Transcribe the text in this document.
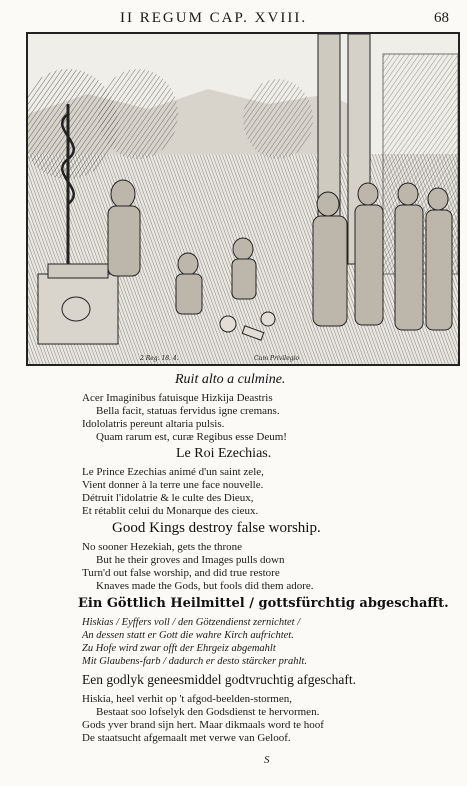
II REGUM CAP. XVIII.	68
2 Reg. 18. 4.	Cum Privilegio
Ruit alto a culmine.
Acer Imaginibus fatuisque Hizkija Deastris
Bella facit, statuas fervidus igne cremans.
Idololatris pereunt altaria pulsis.
Quam rarum est, curæ Regibus esse Deum!
Le Roi Ezechias.
Le Prince Ezechias animé d'un saint zele,
Vient donner à la terre une face nouvelle.
Détruit l'idolatrie & le culte des Dieux,
Et rétablit celui du Monarque des cieux.
Good Kings destroy false worship.
No sooner Hezekiah, gets the throne
But he their groves and Images pulls down
Turn'd out false worship, and did true restore
Knaves made the Gods, but fools did them adore.
Ein Göttlich Heilmittel / gottsfürchtig abgeschafft.
Hiskias / Eyffers voll / den Götzendienst zernichtet /
An dessen statt er Gott die wahre Kirch aufrichtet.
Zu Hofe wird zwar offt der Ehrgeiz abgemahlt
Mit Glaubens-farb / dadurch er desto stärcker prahlt.
Een godlyk geneesmiddel godtvruchtig afgeschaft.
Hiskia, heel verhit op 't afgod-beelden-stormen,
Bestaat soo lofselyk den Godsdienst te hervormen.
Gods yver brand sijn hert. Maar dikmaals word te hoof
De staatsucht afgemaalt met verwe van Geloof.
S
